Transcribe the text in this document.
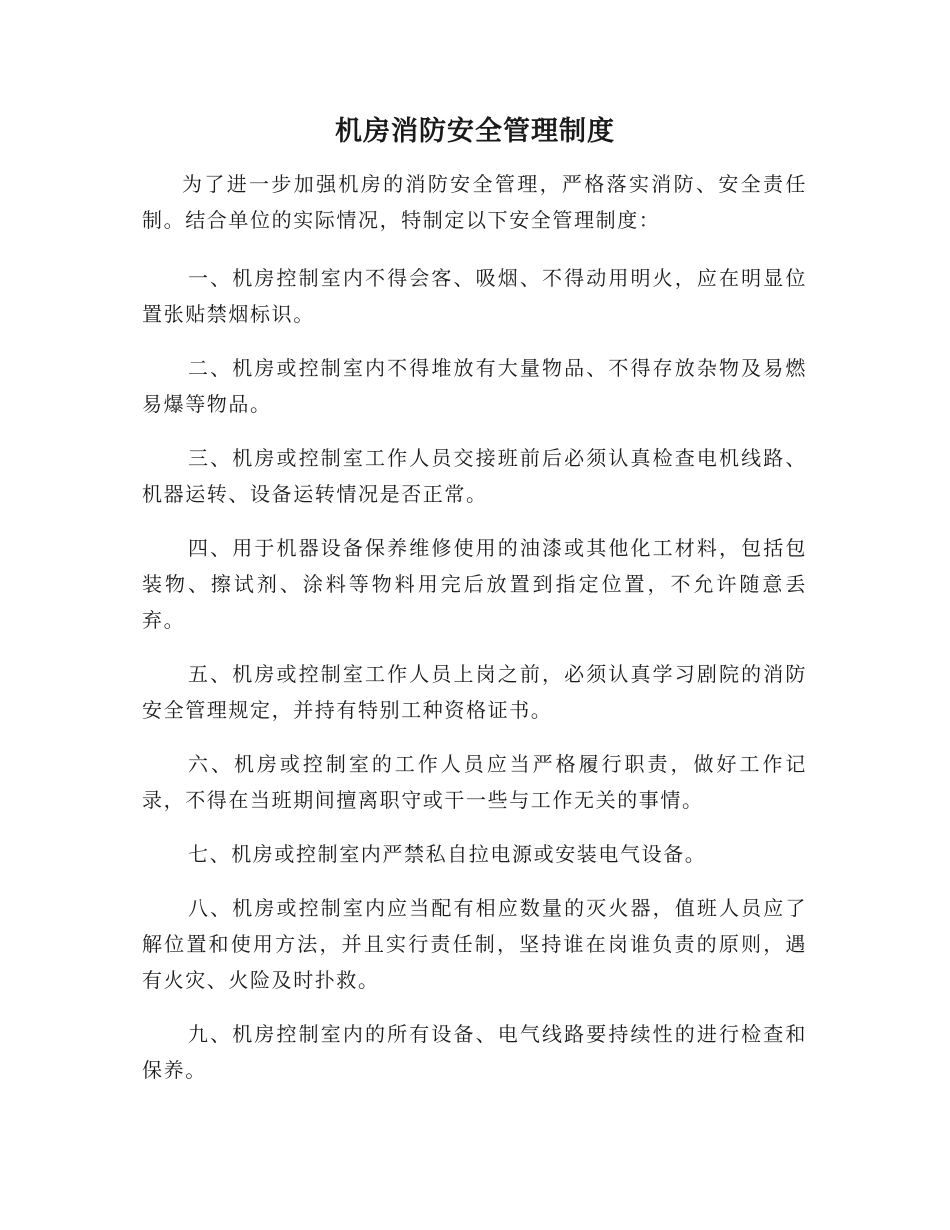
机房消防安全管理制度

为了进一步加强机房的消防安全管理，严格落实消防、安全责任制。结合单位的实际情况，特制定以下安全管理制度：

一、机房控制室内不得会客、吸烟、不得动用明火，应在明显位置张贴禁烟标识。

二、机房或控制室内不得堆放有大量物品、不得存放杂物及易燃易爆等物品。

三、机房或控制室工作人员交接班前后必须认真检查电机线路、机器运转、设备运转情况是否正常。

四、用于机器设备保养维修使用的油漆或其他化工材料，包括包装物、擦试剂、涂料等物料用完后放置到指定位置，不允许随意丢弃。

五、机房或控制室工作人员上岗之前，必须认真学习剧院的消防安全管理规定，并持有特别工种资格证书。

六、机房或控制室的工作人员应当严格履行职责，做好工作记录，不得在当班期间擅离职守或干一些与工作无关的事情。

七、机房或控制室内严禁私自拉电源或安装电气设备。

八、机房或控制室内应当配有相应数量的灭火器，值班人员应了解位置和使用方法，并且实行责任制，坚持谁在岗谁负责的原则，遇有火灾、火险及时扑救。

九、机房控制室内的所有设备、电气线路要持续性的进行检查和保养。
